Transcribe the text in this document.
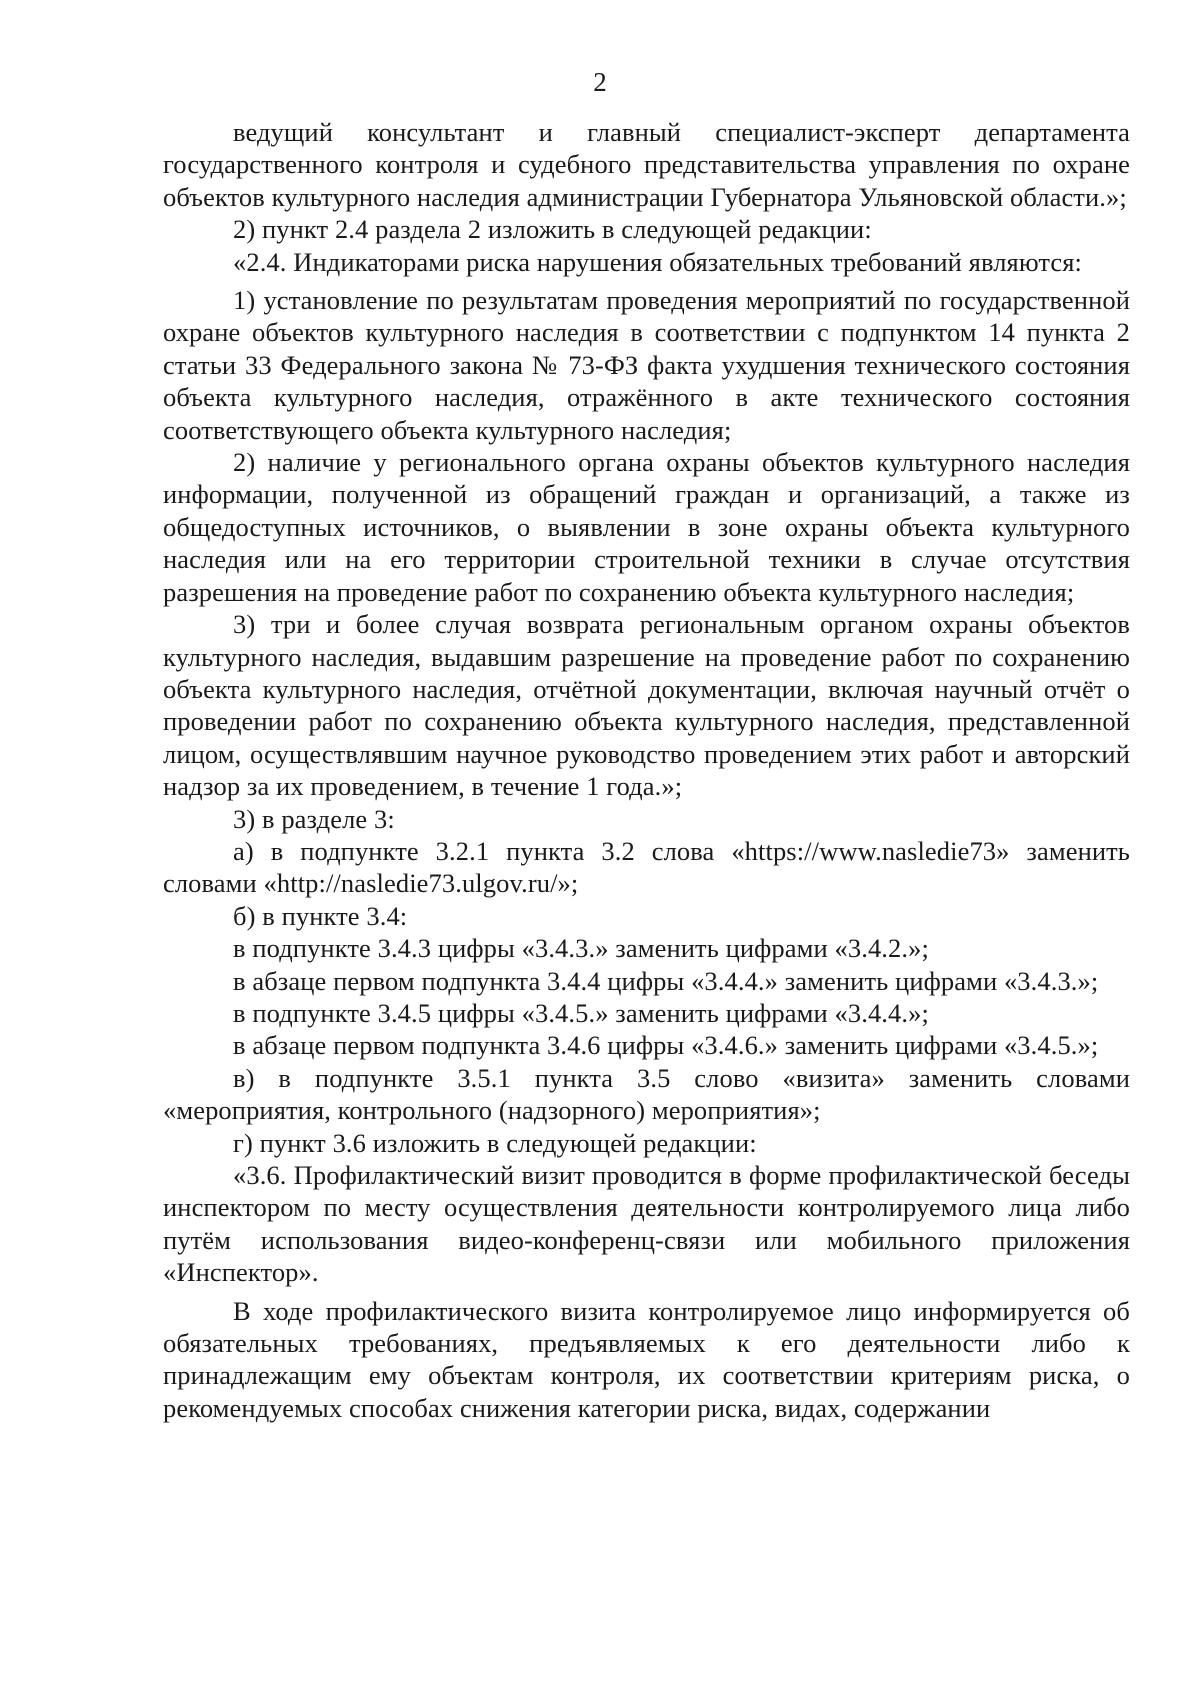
2

ведущий консультант и главный специалист-эксперт департамента государственного контроля и судебного представительства управления по охране объектов культурного наследия администрации Губернатора Ульяновской области.»;

2) пункт 2.4 раздела 2 изложить в следующей редакции:

«2.4. Индикаторами риска нарушения обязательных требований являются:

1) установление по результатам проведения мероприятий по государственной охране объектов культурного наследия в соответствии с подпунктом 14 пункта 2 статьи 33 Федерального закона № 73-ФЗ факта ухудшения технического состояния объекта культурного наследия, отражённого в акте технического состояния соответствующего объекта культурного наследия;

2) наличие у регионального органа охраны объектов культурного наследия информации, полученной из обращений граждан и организаций, а также из общедоступных источников, о выявлении в зоне охраны объекта культурного наследия или на его территории строительной техники в случае отсутствия разрешения на проведение работ по сохранению объекта культурного наследия;

3) три и более случая возврата региональным органом охраны объектов культурного наследия, выдавшим разрешение на проведение работ по сохранению объекта культурного наследия, отчётной документации, включая научный отчёт о проведении работ по сохранению объекта культурного наследия, представленной лицом, осуществлявшим научное руководство проведением этих работ и авторский надзор за их проведением, в течение 1 года.»;

3) в разделе 3:

а) в подпункте 3.2.1 пункта 3.2 слова «https://www.nasledie73» заменить словами «http://nasledie73.ulgov.ru/»;

б) в пункте 3.4:

в подпункте 3.4.3 цифры «3.4.3.» заменить цифрами «3.4.2.»;

в абзаце первом подпункта 3.4.4 цифры «3.4.4.» заменить цифрами «3.4.3.»;

в подпункте 3.4.5 цифры «3.4.5.» заменить цифрами «3.4.4.»;

в абзаце первом подпункта 3.4.6 цифры «3.4.6.» заменить цифрами «3.4.5.»;

в) в подпункте 3.5.1 пункта 3.5 слово «визита» заменить словами «мероприятия, контрольного (надзорного) мероприятия»;

г) пункт 3.6 изложить в следующей редакции:

«3.6. Профилактический визит проводится в форме профилактической беседы инспектором по месту осуществления деятельности контролируемого лица либо путём использования видео-конференц-связи или мобильного приложения «Инспектор».

В ходе профилактического визита контролируемое лицо информируется об обязательных требованиях, предъявляемых к его деятельности либо к принадлежащим ему объектам контроля, их соответствии критериям риска, о рекомендуемых способах снижения категории риска, видах, содержании
